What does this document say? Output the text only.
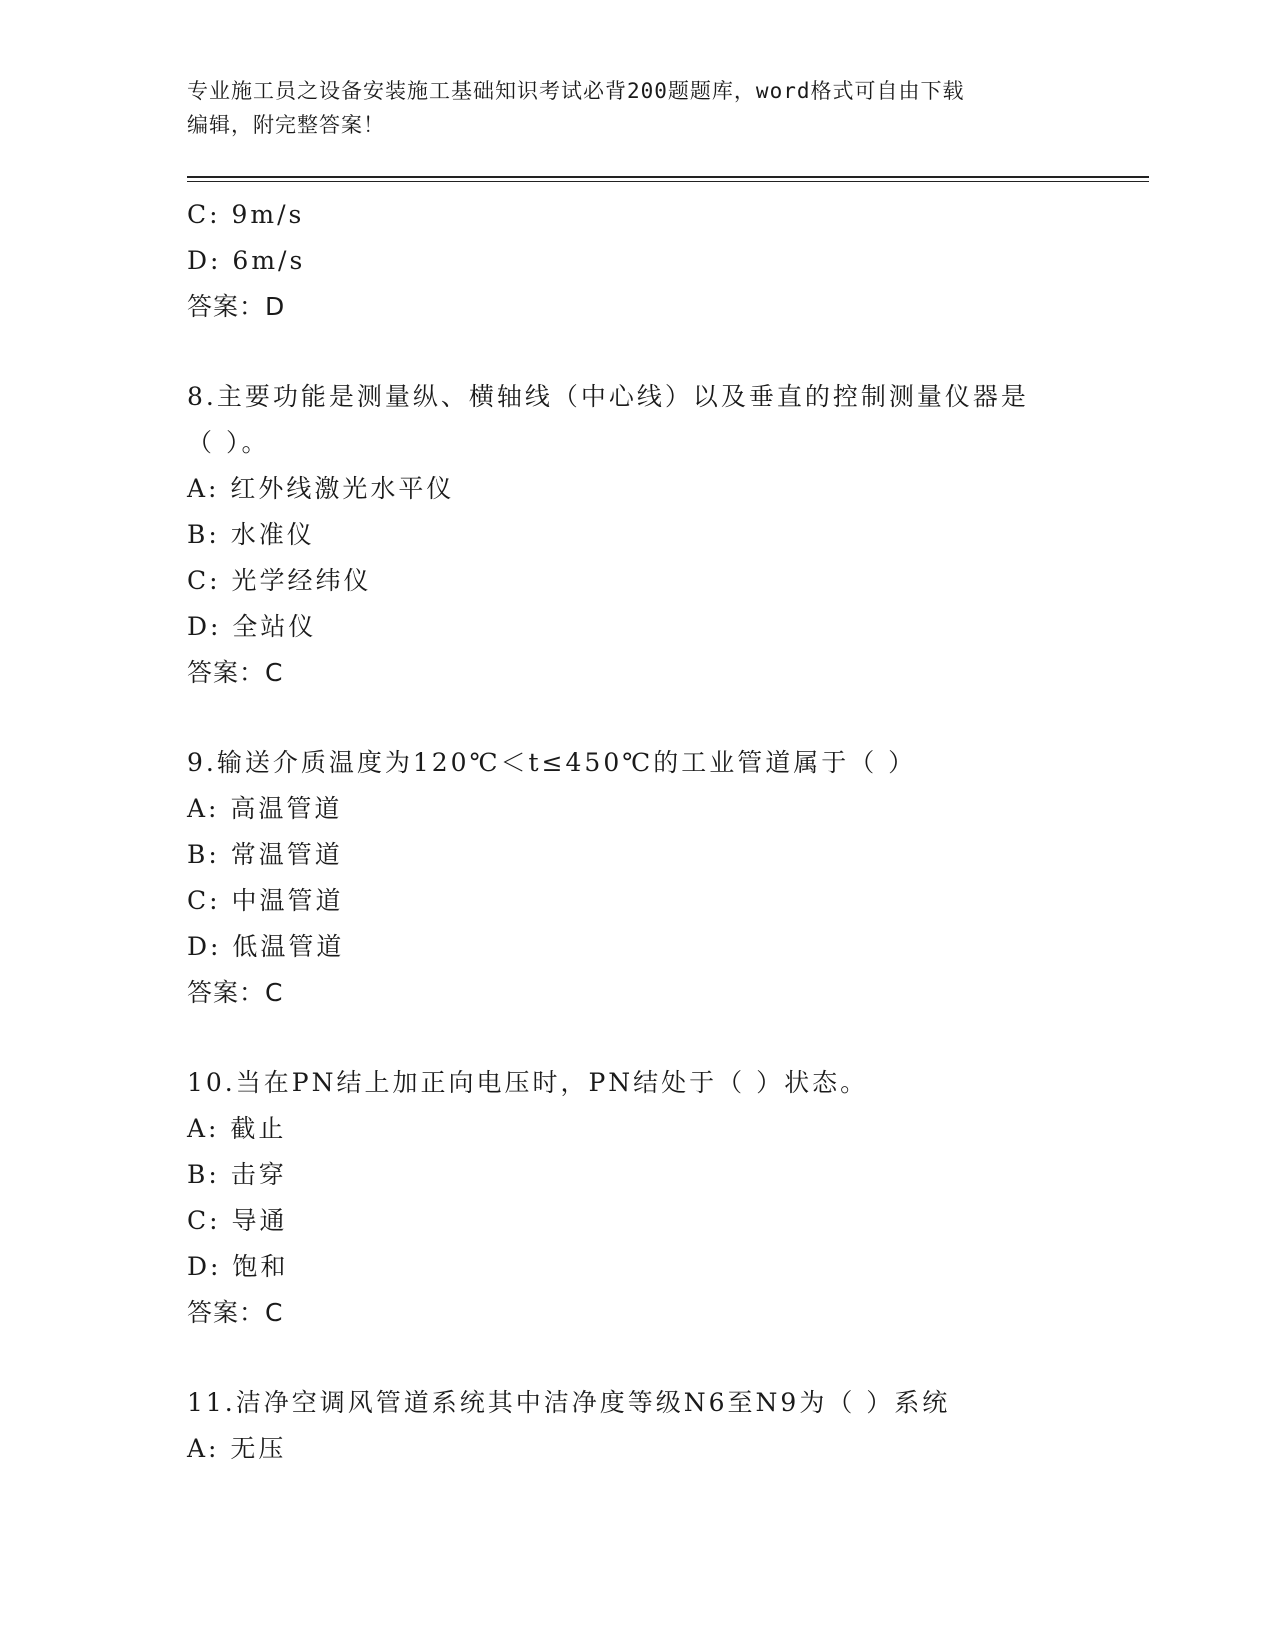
专业施工员之设备安装施工基础知识考试必背200题题库，word格式可自由下载
编辑，附完整答案！
C: 9m/s
D: 6m/s
答案：D
8.主要功能是测量纵、横轴线（中心线）以及垂直的控制测量仪器是
（ ）。
A: 红外线激光水平仪
B: 水准仪
C: 光学经纬仪
D: 全站仪
答案：C
9.输送介质温度为120℃＜t≤450℃的工业管道属于（ ）
A: 高温管道
B: 常温管道
C: 中温管道
D: 低温管道
答案：C
10.当在PN结上加正向电压时，PN结处于（ ）状态。
A: 截止
B: 击穿
C: 导通
D: 饱和
答案：C
11.洁净空调风管道系统其中洁净度等级N6至N9为（ ）系统
A: 无压
